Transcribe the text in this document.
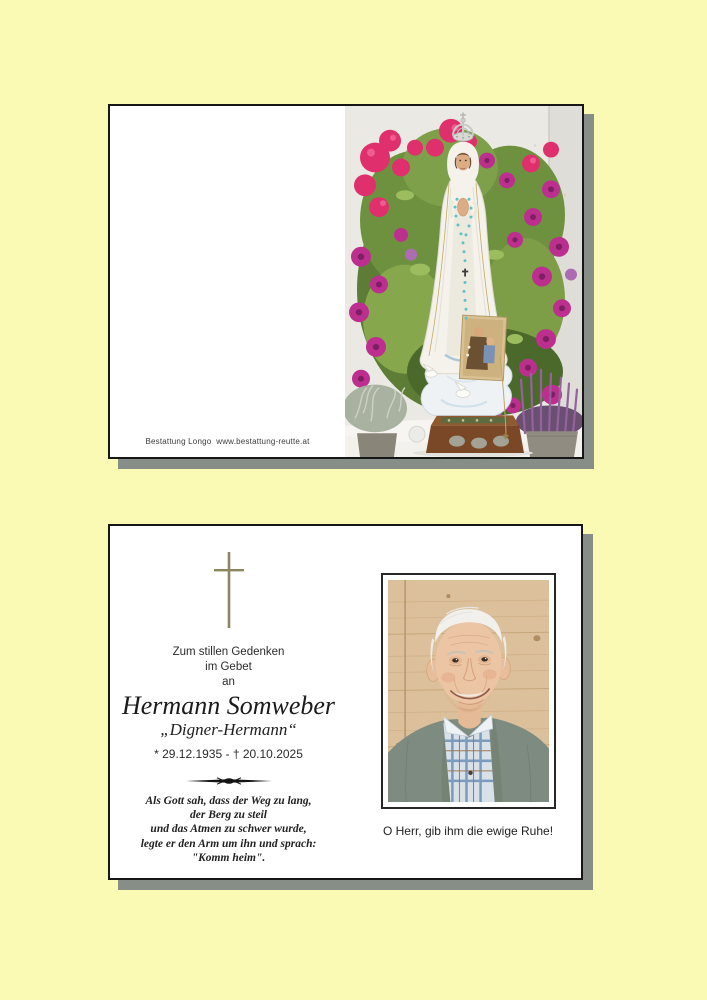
Bestattung Longo  www.bestattung-reutte.at
Zum stillen Gedenken
im Gebet
an
Hermann Somweber
„Digner-Hermann“
* 29.12.1935 - † 20.10.2025
Als Gott sah, dass der Weg zu lang,
der Berg zu steil
und das Atmen zu schwer wurde,
legte er den Arm um ihn und sprach:
"Komm heim".
O Herr, gib ihm die ewige Ruhe!
